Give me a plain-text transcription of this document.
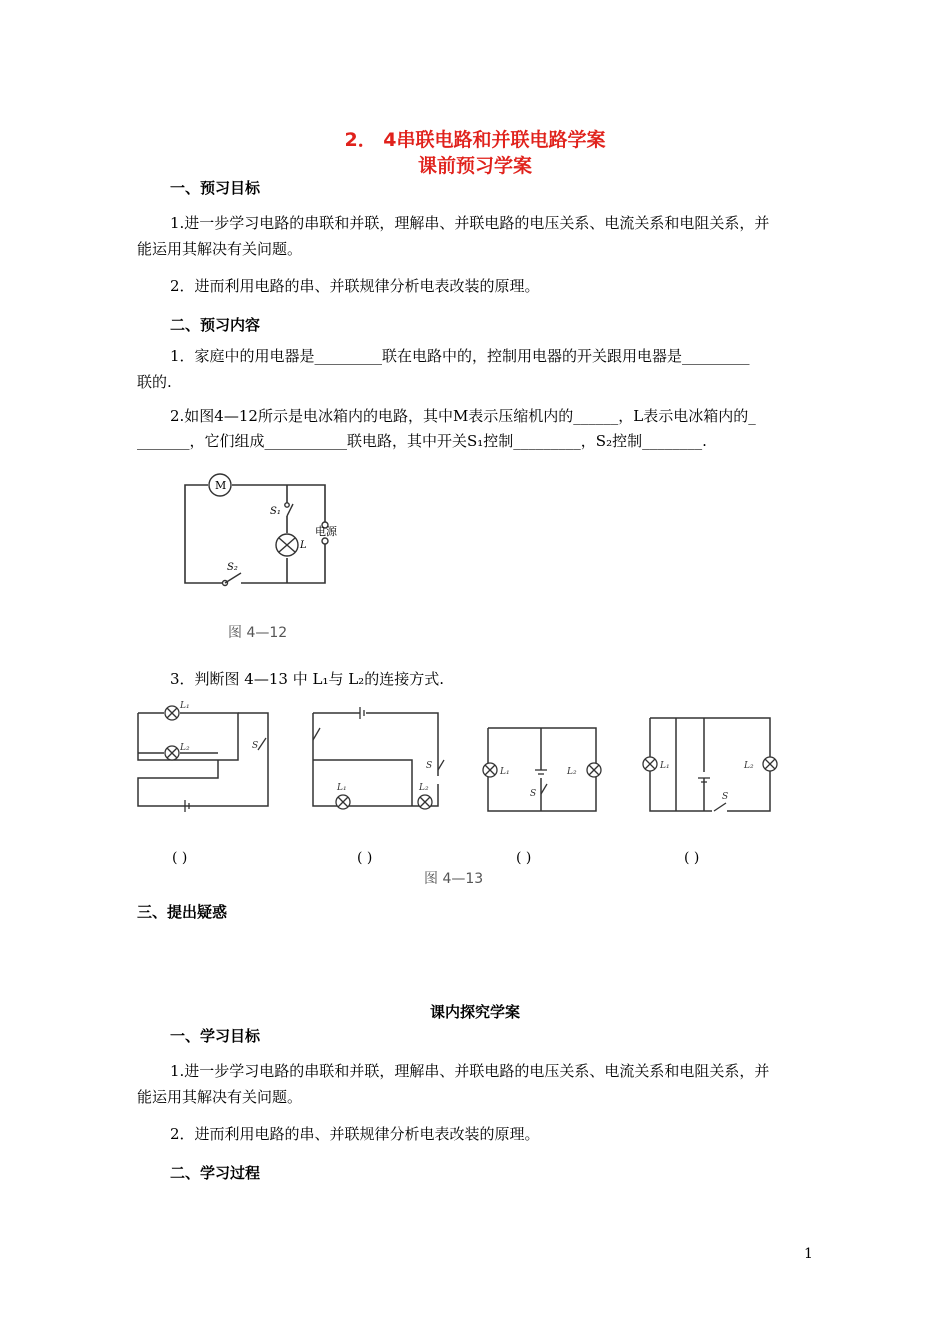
2． 4串联电路和并联电路学案
课前预习学案
一、预习目标
1.进一步学习电路的串联和并联，理解串、并联电路的电压关系、电流关系和电阻关系，并
能运用其解决有关问题。
2．进而利用电路的串、并联规律分析电表改装的原理。
二、预习内容
1．家庭中的用电器是_________联在电路中的，控制用电器的开关跟用电器是_________
联的.
2.如图4—12所示是电冰箱内的电路，其中M表示压缩机内的______，L表示电冰箱内的_
_______，它们组成___________联电路，其中开关S₁控制_________，S₂控制________.
M
S₁
L
电源
S₂
图 4—12
3．判断图 4—13 中 L₁与 L₂的连接方式.
L₁
L₂	S
L₁	L₂
S
L₁	L₂
S
L₁	L₂
S
( )	( )	( )	( )
图 4—13
三、提出疑惑
课内探究学案
一、学习目标
1.进一步学习电路的串联和并联，理解串、并联电路的电压关系、电流关系和电阻关系，并
能运用其解决有关问题。
2．进而利用电路的串、并联规律分析电表改装的原理。
二、学习过程
1
